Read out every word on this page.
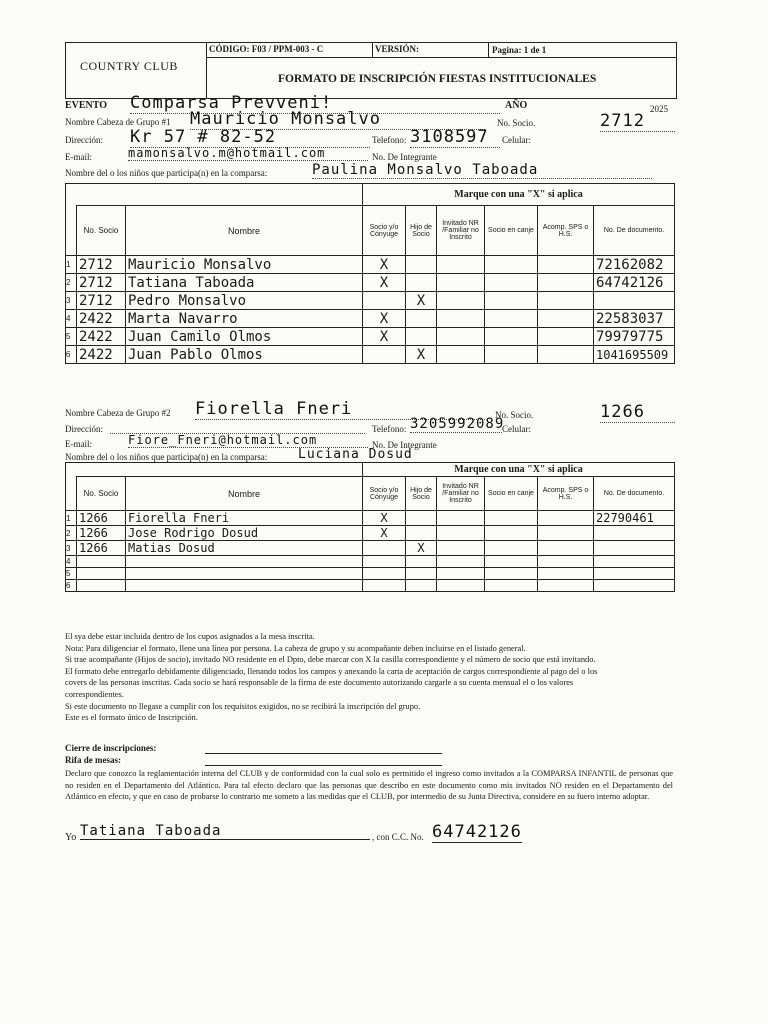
COUNTRY CLUB
CÓDIGO: F03 / PPM-003 - C	VERSIÓN:	Pagina: 1 de 1
FORMATO DE INSCRIPCIÓN FIESTAS INSTITUCIONALES
EVENTO Comparsa Prevveni!	AÑO	2025
Nombre Cabeza de Grupo #1 Mauricio Monsalvo	No. Socio.	2712
Dirección: Kr 57 # 82-52	Telefono: 3108597	Celular:
E-mail:	mamonsalvo.m@hotmail.com	No. De Integrante
Nombre del o los niños que participa(n) en la comparsa:	Paulina Monsalvo Taboada
			Marque con una "X" si aplica					
	No. Socio	Nombre	Socio y/o Cónyuge	Hijo de Socio	Invitado NR /Familiar no Inscrito	Socio en canje	Acomp. SPS o H.S.	No. De documento.
1	2712	Mauricio Monsalvo	X					72162082
2	2712	Tatiana Taboada	X					64742126
3	2712	Pedro Monsalvo		X				
4	2422	Marta Navarro	X					22583037
5	2422	Juan Camilo Olmos	X					79979775
6	2422	Juan Pablo Olmos		X				1041695509
Nombre Cabeza de Grupo #2 Fiorella Fneri	No. Socio.	1266
Dirección:	Telefono: 3205992089
Celular:
E-mail:	Fiore_Fneri@hotmail.com	No. De Integrante
Nombre del o los niños que participa(n) en la comparsa: Luciana Dosud
			Marque con una "X" si aplica					
	No. Socio	Nombre	Socio y/o Cónyuge	Hijo de Socio	Invitado NR /Familiar no Inscrito	Socio en canje	Acomp. SPS o H.S.	No. De documento.
1	1266	Fiorella Fneri	X					22790461
2	1266	Jose Rodrigo Dosud	X					
3	1266	Matias Dosud		X				
4								
5								
6								

El sya debe estar incluida dentro de los cupos asignados a la mesa inscrita.

Nota: Para diligenciar el formato, llene una línea por persona. La cabeza de grupo y su acompañante deben incluirse en el listado general.

Si trae acompañante (Hijos de socio), invitado NO residente en el Dpto, debe marcar con X la casilla correspondiente y el número de socio que está invitando.

El formato debe entregarlo debidamente diligenciado, llenando todos los campos y anexando la carta de aceptación de cargos correspondiente al pago del o los

covers de las personas inscritas. Cada socio se hará responsable de la firma de este documento autorizando cargarle a su cuenta mensual el o los valores

correspondientes.

Si este documento no llegase a cumplir con los requisitos exigidos, no se recibirá la inscripción del grupo.

Este es el formato único de Inscripción.

Cierre de inscripciones:
Rifa de mesas:
Declaro que conozco la reglamentación interna del CLUB y de conformidad con la cual solo es permitido el ingreso como invitados a la COMPARSA INFANTIL de personas que no residen en el Departamento del Atlántico. Para tal efecto declaro que las personas que describo en este documento como mis invitados NO residen en el Departamento del Atlántico en efecto, y que en caso de probarse lo contrario me someto a las medidas que el CLUB, por intermedio de su Junta Directiva, considere en su fuero interno adoptar.
Yo Tatiana Taboada	, con C.C. No. 64742126
